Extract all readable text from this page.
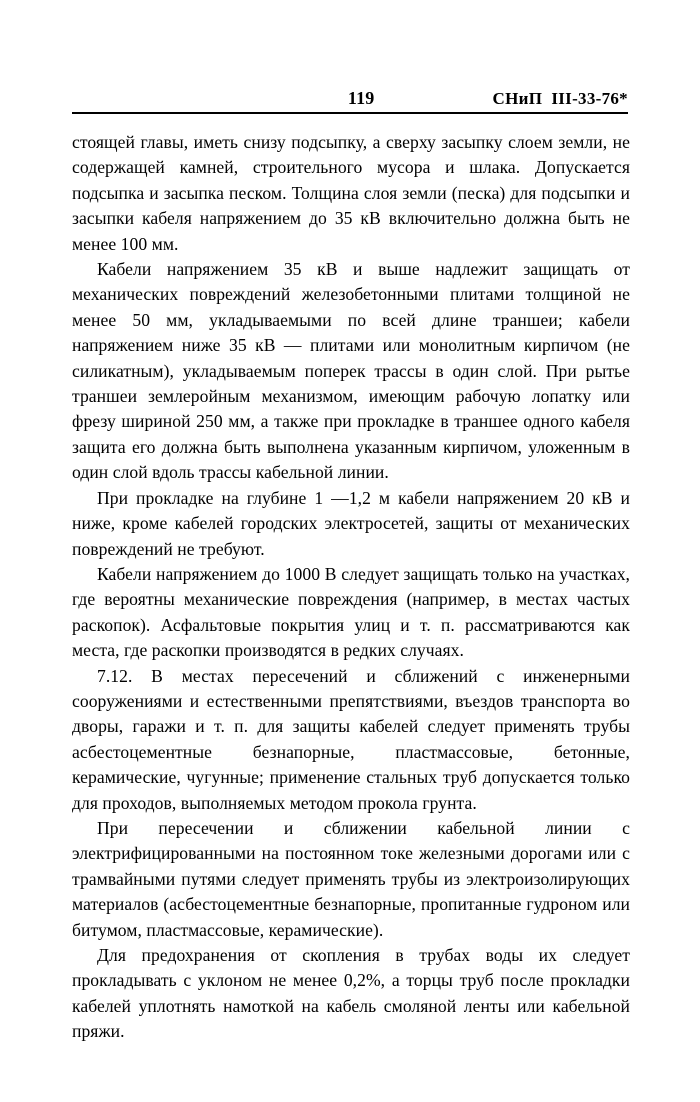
119	СНиП  III-33-76*

стоящей главы, иметь снизу подсыпку, а сверху засыпку слоем земли, не содержащей камней, строительного мусора и шлака. Допускается подсыпка и засыпка песком. Толщина слоя земли (песка) для подсыпки и засыпки кабеля напряжением до 35 кВ включительно должна быть не менее 100 мм.

Кабели напряжением 35 кВ и выше надлежит защищать от механических повреждений железобетонными плитами толщиной не менее 50 мм, укладываемыми по всей длине траншеи; кабели напряжением ниже 35 кВ — плитами или монолитным кирпичом (не силикатным), укладываемым поперек трассы в один слой. При рытье траншеи землеройным механизмом, имеющим рабочую лопатку или фрезу шириной 250 мм, а также при прокладке в траншее одного кабеля защита его должна быть выполнена указанным кирпичом, уложенным в один слой вдоль трассы кабельной линии.

При прокладке на глубине 1 —1,2 м кабели напряжением 20 кВ и ниже, кроме кабелей городских электросетей, защиты от механических повреждений не требуют.

Кабели напряжением до 1000 В следует защищать только на участках, где вероятны механические повреждения (например, в местах частых раскопок). Асфальтовые покрытия улиц и т. п. рассматриваются как места, где раскопки производятся в редких случаях.

7.12. В местах пересечений и сближений с инженерными сооружениями и естественными препятствиями, въездов транспорта во дворы, гаражи и т. п. для защиты кабелей следует применять трубы асбестоцементные безнапорные, пластмассовые, бетонные, керамические, чугунные; применение стальных труб допускается только для проходов, выполняемых методом прокола грунта.

При пересечении и сближении кабельной линии с электрифицированными на постоянном токе железными дорогами или с трамвайными путями следует применять трубы из электроизолирующих материалов (асбестоцементные безнапорные, пропитанные гудроном или битумом, пластмассовые, керамические).

Для предохранения от скопления в трубах воды их следует прокладывать с уклоном не менее 0,2%, а торцы труб после прокладки кабелей уплотнять намоткой на кабель смоляной ленты или кабельной пряжи.
